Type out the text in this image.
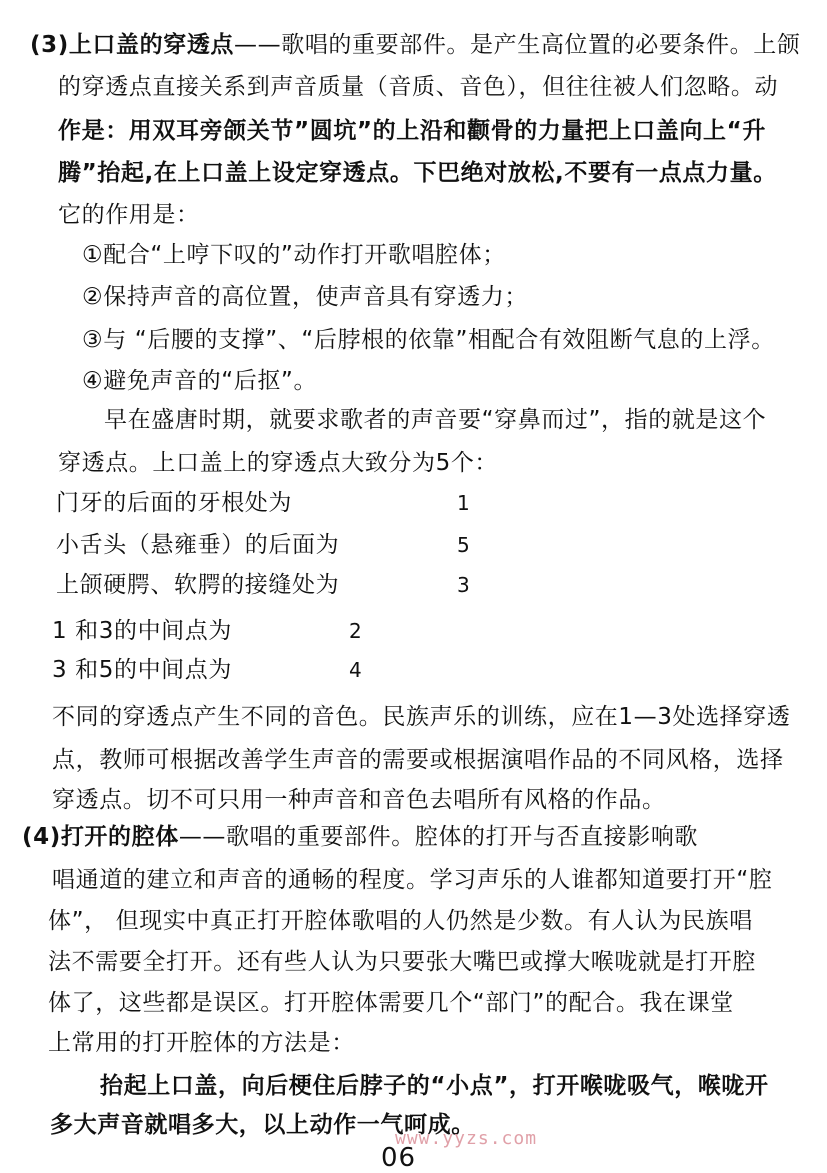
(3)上口盖的穿透点——歌唱的重要部件。是产生高位置的必要条件。上颌
的穿透点直接关系到声音质量（音质、音色），但往往被人们忽略。动
作是：用双耳旁颌关节”圆坑”的上沿和颧骨的力量把上口盖向上“升
腾”抬起,在上口盖上设定穿透点。下巴绝对放松,不要有一点点力量。
它的作用是：
①配合“上哼下叹的”动作打开歌唱腔体；
②保持声音的高位置，使声音具有穿透力；
③与 “后腰的支撑”、“后脖根的依靠”相配合有效阻断气息的上浮。
④避免声音的“后抠”。
早在盛唐时期，就要求歌者的声音要“穿鼻而过”，指的就是这个
穿透点。上口盖上的穿透点大致分为5个：
门牙的后面的牙根处为	1
小舌头（悬雍垂）的后面为	5
上颌硬腭、软腭的接缝处为	3
1 和3的中间点为	2
3 和5的中间点为	4
不同的穿透点产生不同的音色。民族声乐的训练，应在1—3处选择穿透
点，教师可根据改善学生声音的需要或根据演唱作品的不同风格，选择
穿透点。切不可只用一种声音和音色去唱所有风格的作品。
(4)打开的腔体——歌唱的重要部件。腔体的打开与否直接影响歌
唱通道的建立和声音的通畅的程度。学习声乐的人谁都知道要打开“腔
体”， 但现实中真正打开腔体歌唱的人仍然是少数。有人认为民族唱
法不需要全打开。还有些人认为只要张大嘴巴或撑大喉咙就是打开腔
体了，这些都是误区。打开腔体需要几个“部门”的配合。我在课堂
上常用的打开腔体的方法是：
抬起上口盖，向后梗住后脖子的“小点”，打开喉咙吸气，喉咙开
多大声音就唱多大，以上动作一气呵成。
www.yyzs.com
06
